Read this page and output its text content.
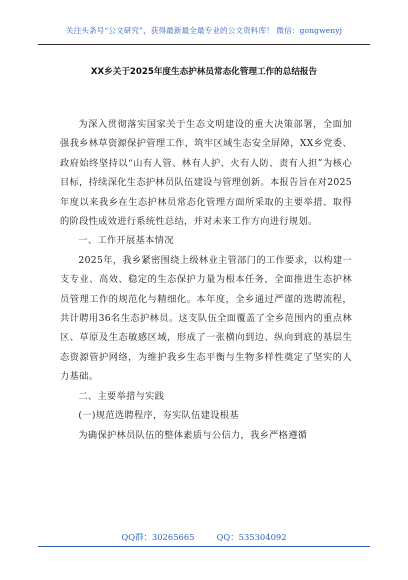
关注头条号“公文研究”，获得最新最全最专业的公文资料库！ 微信：gongwenyj
XX乡关于2025年度生态护林员常态化管理工作的总结报告

为深入贯彻落实国家关于生态文明建设的重大决策部署，全面加强我乡林草资源保护管理工作，筑牢区域生态安全屏障，XX乡党委、政府始终坚持以“山有人管、林有人护、火有人防、责有人担”为核心目标，持续深化生态护林员队伍建设与管理创新。本报告旨在对2025年度以来我乡在生态护林员常态化管理方面所采取的主要举措、取得的阶段性成效进行系统性总结，并对未来工作方向进行规划。

一、工作开展基本情况

2025年，我乡紧密围绕上级林业主管部门的工作要求，以构建一支专业、高效、稳定的生态保护力量为根本任务，全面推进生态护林员管理工作的规范化与精细化。本年度，全乡通过严谨的选聘流程，共计聘用36名生态护林员。这支队伍全面覆盖了全乡范围内的重点林区、草原及生态敏感区域，形成了一张横向到边、纵向到底的基层生态资源管护网络，为维护我乡生态平衡与生物多样性奠定了坚实的人力基础。

二、主要举措与实践

(一)规范选聘程序，夯实队伍建设根基

为确保护林员队伍的整体素质与公信力，我乡严格遵循

QQ群：30265665	QQ：535304092
